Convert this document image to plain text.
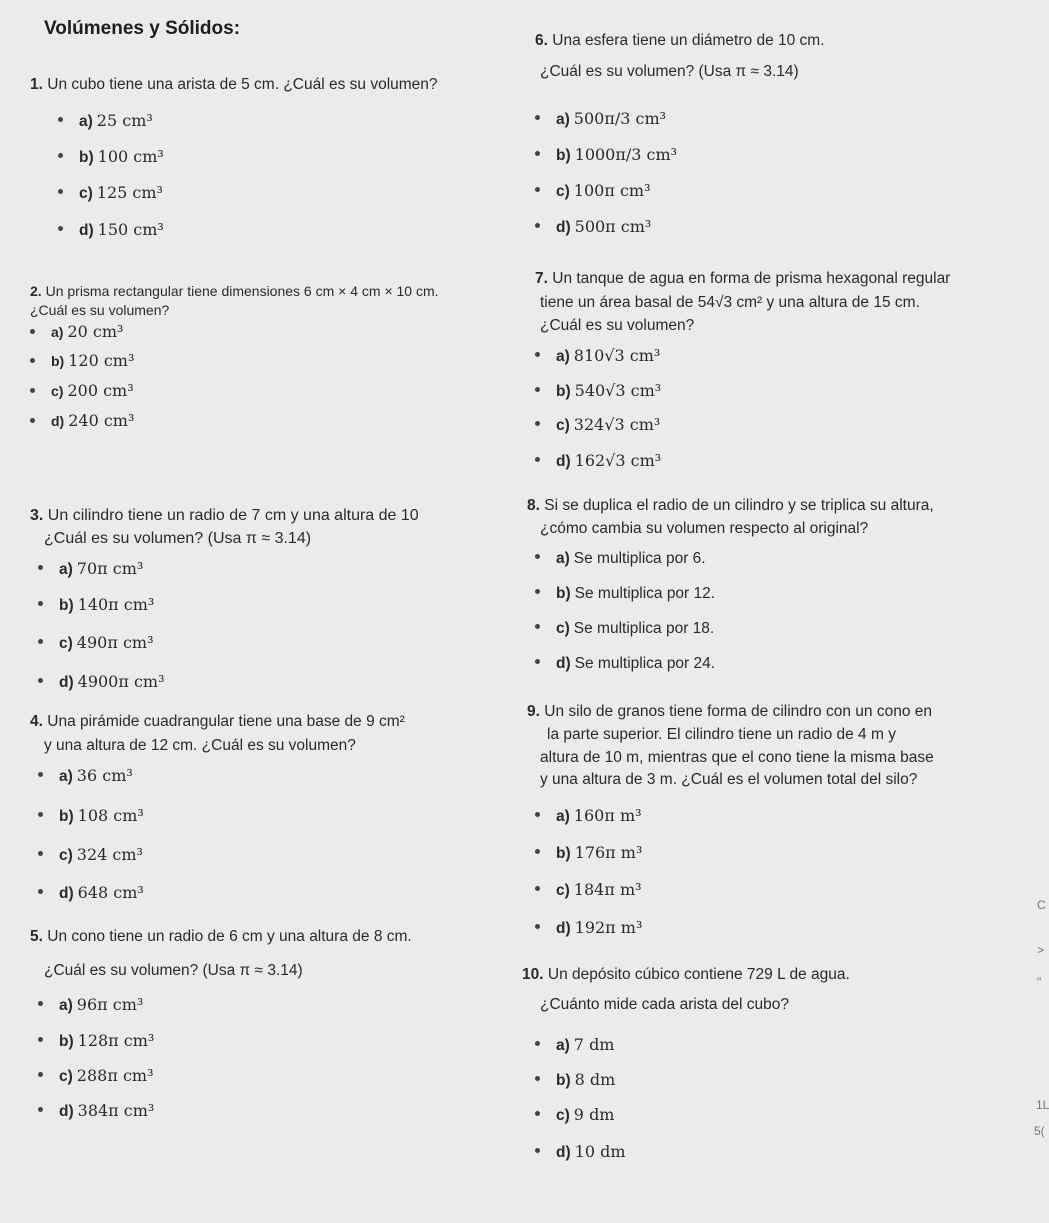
Volúmenes y Sólidos:
1. Un cubo tiene una arista de 5 cm. ¿Cuál es su volumen?
a) 25 cm³
b) 100 cm³
c) 125 cm³
d) 150 cm³
2. Un prisma rectangular tiene dimensiones 6 cm × 4 cm × 10 cm.
¿Cuál es su volumen?
a) 20 cm³
b) 120 cm³
c) 200 cm³
d) 240 cm³
3. Un cilindro tiene un radio de 7 cm y una altura de 10
¿Cuál es su volumen? (Usa π ≈ 3.14)
a) 70π cm³
b) 140π cm³
c) 490π cm³
d) 4900π cm³
4. Una pirámide cuadrangular tiene una base de 9 cm²
y una altura de 12 cm. ¿Cuál es su volumen?
a) 36 cm³
b) 108 cm³
c) 324 cm³
d) 648 cm³
5. Un cono tiene un radio de 6 cm y una altura de 8 cm.
¿Cuál es su volumen? (Usa π ≈ 3.14)
a) 96π cm³
b) 128π cm³
c) 288π cm³
d) 384π cm³
6. Una esfera tiene un diámetro de 10 cm.
¿Cuál es su volumen? (Usa π ≈ 3.14)
a) 500π/3 cm³
b) 1000π/3 cm³
c) 100π cm³
d) 500π cm³
7. Un tanque de agua en forma de prisma hexagonal regular
tiene un área basal de 54√3 cm² y una altura de 15 cm.
¿Cuál es su volumen?
a) 810√3 cm³
b) 540√3 cm³
c) 324√3 cm³
d) 162√3 cm³
8. Si se duplica el radio de un cilindro y se triplica su altura,
¿cómo cambia su volumen respecto al original?
a) Se multiplica por 6.
b) Se multiplica por 12.
c) Se multiplica por 18.
d) Se multiplica por 24.
9. Un silo de granos tiene forma de cilindro con un cono en
la parte superior. El cilindro tiene un radio de 4 m y
altura de 10 m, mientras que el cono tiene la misma base
y una altura de 3 m. ¿Cuál es el volumen total del silo?
a) 160π m³
b) 176π m³
c) 184π m³
d) 192π m³
10. Un depósito cúbico contiene 729 L de agua.
¿Cuánto mide cada arista del cubo?
a) 7 dm
b) 8 dm
c) 9 dm
d) 10 dm
C
>
"
1L
5(
